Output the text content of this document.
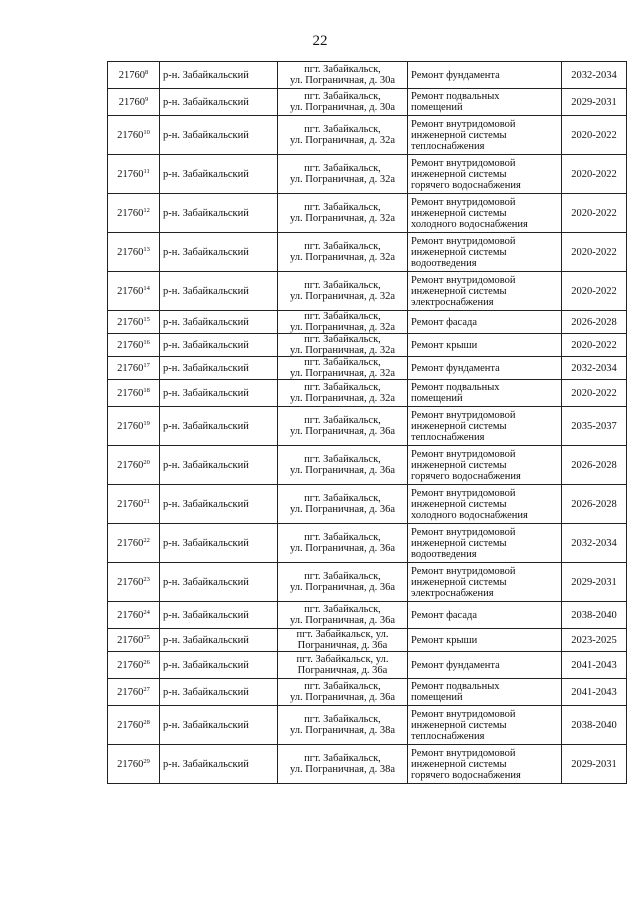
22
21760$^8$	р-н. Забайкальский	пгт. Забайкальск,
ул. Пограничная, д. 30а	Ремонт фундамента	2032-2034
21760$^9$	р-н. Забайкальский	пгт. Забайкальск,
ул. Пограничная, д. 30а	Ремонт подвальных
помещений	2029-2031
21760$^{10}$	р-н. Забайкальский	пгт. Забайкальск,
ул. Пограничная, д. 32а	Ремонт внутридомовой
инженерной системы
теплоснабжения	2020-2022
21760$^{11}$	р-н. Забайкальский	пгт. Забайкальск,
ул. Пограничная, д. 32а	Ремонт внутридомовой
инженерной системы
горячего водоснабжения	2020-2022
21760$^{12}$	р-н. Забайкальский	пгт. Забайкальск,
ул. Пограничная, д. 32а	Ремонт внутридомовой
инженерной системы
холодного водоснабжения	2020-2022
21760$^{13}$	р-н. Забайкальский	пгт. Забайкальск,
ул. Пограничная, д. 32а	Ремонт внутридомовой
инженерной системы
водоотведения	2020-2022
21760$^{14}$	р-н. Забайкальский	пгт. Забайкальск,
ул. Пограничная, д. 32а	Ремонт внутридомовой
инженерной системы
электроснабжения	2020-2022
21760$^{15}$	р-н. Забайкальский	пгт. Забайкальск,
ул. Пограничная, д. 32а	Ремонт фасада	2026-2028
21760$^{16}$	р-н. Забайкальский	пгт. Забайкальск,
ул. Пограничная, д. 32а	Ремонт крыши	2020-2022
21760$^{17}$	р-н. Забайкальский	пгт. Забайкальск,
ул. Пограничная, д. 32а	Ремонт фундамента	2032-2034
21760$^{18}$	р-н. Забайкальский	пгт. Забайкальск,
ул. Пограничная, д. 32а	Ремонт подвальных
помещений	2020-2022
21760$^{19}$	р-н. Забайкальский	пгт. Забайкальск,
ул. Пограничная, д. 36а	Ремонт внутридомовой
инженерной системы
теплоснабжения	2035-2037
21760$^{20}$	р-н. Забайкальский	пгт. Забайкальск,
ул. Пограничная, д. 36а	Ремонт внутридомовой
инженерной системы
горячего водоснабжения	2026-2028
21760$^{21}$	р-н. Забайкальский	пгт. Забайкальск,
ул. Пограничная, д. 36а	Ремонт внутридомовой
инженерной системы
холодного водоснабжения	2026-2028
21760$^{22}$	р-н. Забайкальский	пгт. Забайкальск,
ул. Пограничная, д. 36а	Ремонт внутридомовой
инженерной системы
водоотведения	2032-2034
21760$^{23}$	р-н. Забайкальский	пгт. Забайкальск,
ул. Пограничная, д. 36а	Ремонт внутридомовой
инженерной системы
электроснабжения	2029-2031
21760$^{24}$	р-н. Забайкальский	пгт. Забайкальск,
ул. Пограничная, д. 36а	Ремонт фасада	2038-2040
21760$^{25}$	р-н. Забайкальский	пгт. Забайкальск, ул.
Пограничная, д. 36а	Ремонт крыши	2023-2025
21760$^{26}$	р-н. Забайкальский	пгт. Забайкальск, ул.
Пограничная, д. 36а	Ремонт фундамента	2041-2043
21760$^{27}$	р-н. Забайкальский	пгт. Забайкальск,
ул. Пограничная, д. 36а	Ремонт подвальных
помещений	2041-2043
21760$^{28}$	р-н. Забайкальский	пгт. Забайкальск,
ул. Пограничная, д. 38а	Ремонт внутридомовой
инженерной системы
теплоснабжения	2038-2040
21760$^{29}$	р-н. Забайкальский	пгт. Забайкальск,
ул. Пограничная, д. 38а	Ремонт внутридомовой
инженерной системы
горячего водоснабжения	2029-2031
